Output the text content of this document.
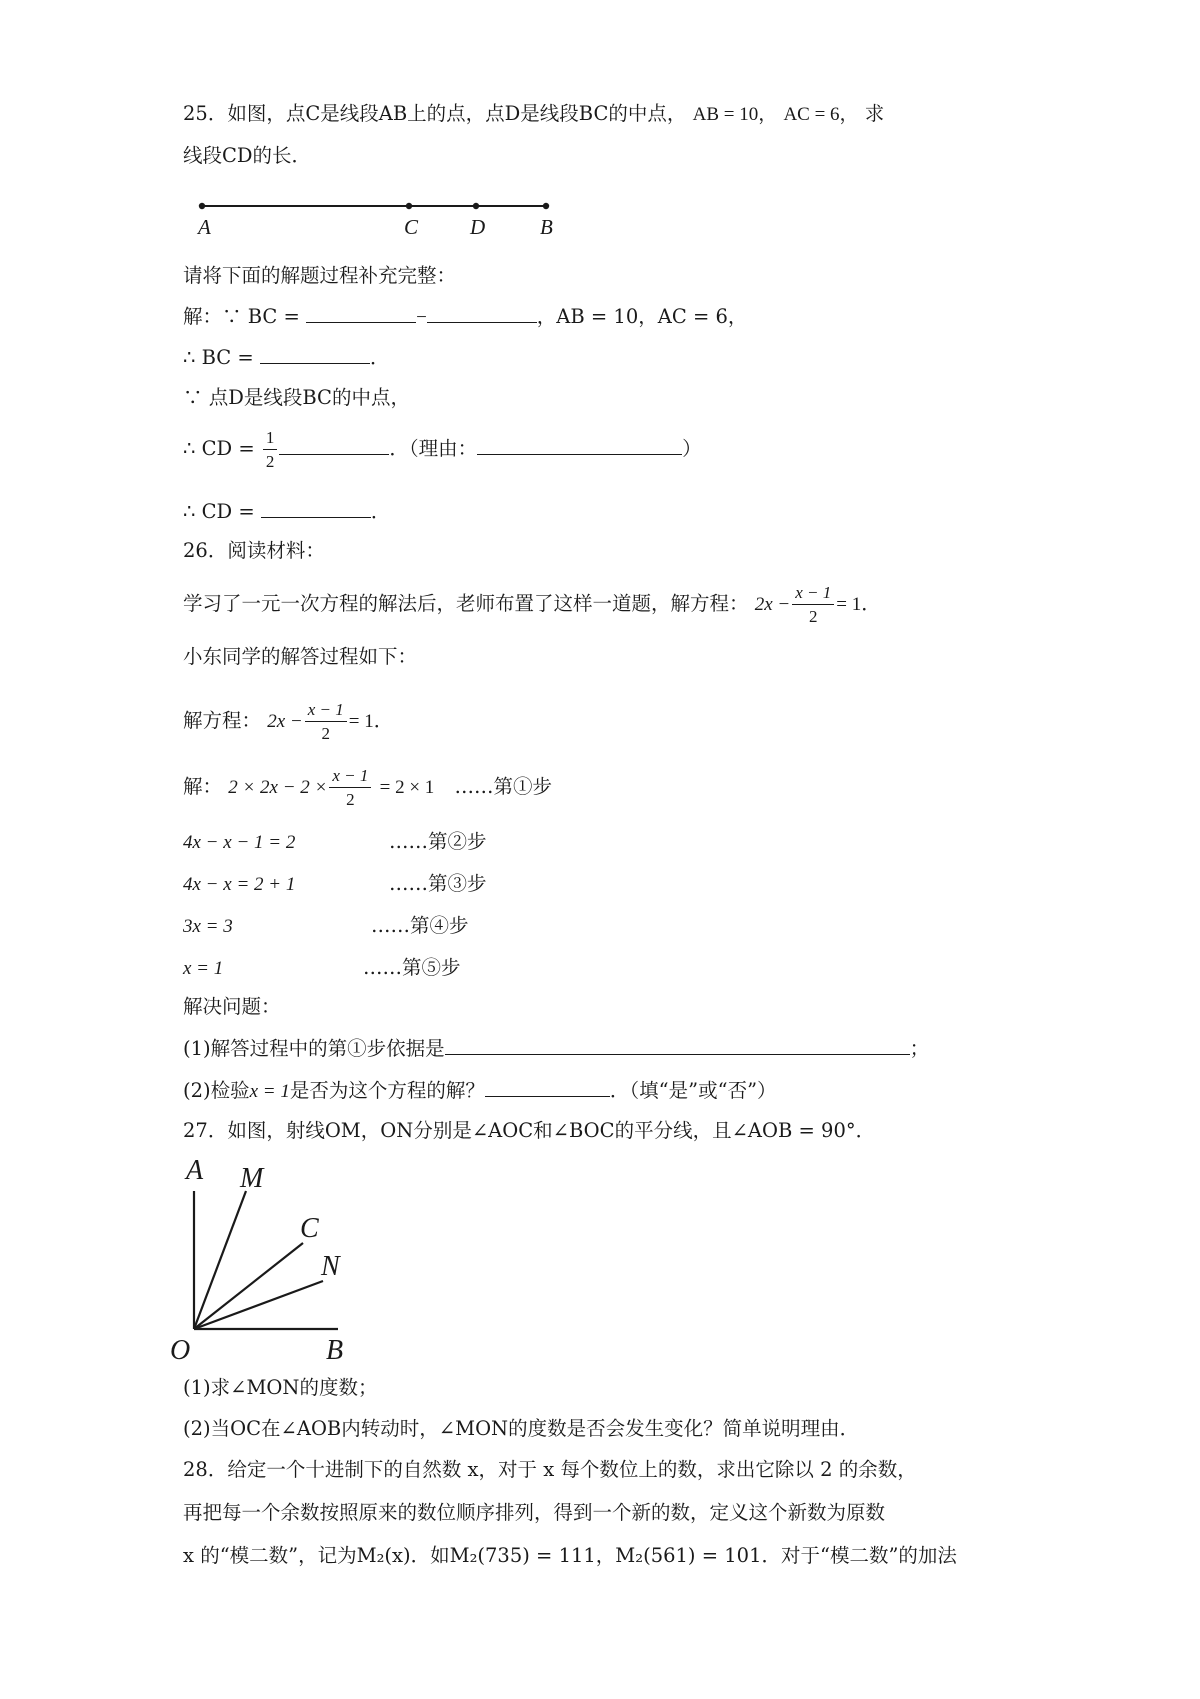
25．如图，点C是线段AB上的点，点D是线段BC的中点， AB = 10， AC = 6， 求
线段CD的长．
A	C D	B
请将下面的解题过程补充完整：
解：∵ BC =	−	，AB = 10，AC = 6，
∴ BC =	．
∵ 点D是线段BC的中点，
∴ CD = $\frac{1}{2}$	．（理由：	）
∴ CD =	．
26．阅读材料：
学习了一元一次方程的解法后，老师布置了这样一道题，解方程： $2x - \frac{x - 1}{2} = 1$．
小东同学的解答过程如下：
解方程： $2x - \frac{x - 1}{2} = 1$．
解： $2 \times 2x - 2 \times \frac{x - 1}{2} = 2 \times 1$ ……第①步
4x − x − 1 = 2	……第②步
4x − x = 2 + 1	……第③步
3x = 3	……第④步
x = 1	……第⑤步
解决问题：
(1)解答过程中的第①步依据是	；
(2)检验x = 1是否为这个方程的解？	．（填“是”或“否”）
27．如图，射线OM，ON分别是∠AOC和∠BOC的平分线，且∠AOB = 90°．
A M
C
N
O	B
(1)求∠MON的度数；
(2)当OC在∠AOB内转动时，∠MON的度数是否会发生变化？简单说明理由．
28．给定一个十进制下的自然数 x，对于 x 每个数位上的数，求出它除以 2 的余数，
再把每一个余数按照原来的数位顺序排列，得到一个新的数，定义这个新数为原数
x 的“模二数”，记为M₂(x)．如M₂(735) = 111，M₂(561) = 101．对于“模二数”的加法
